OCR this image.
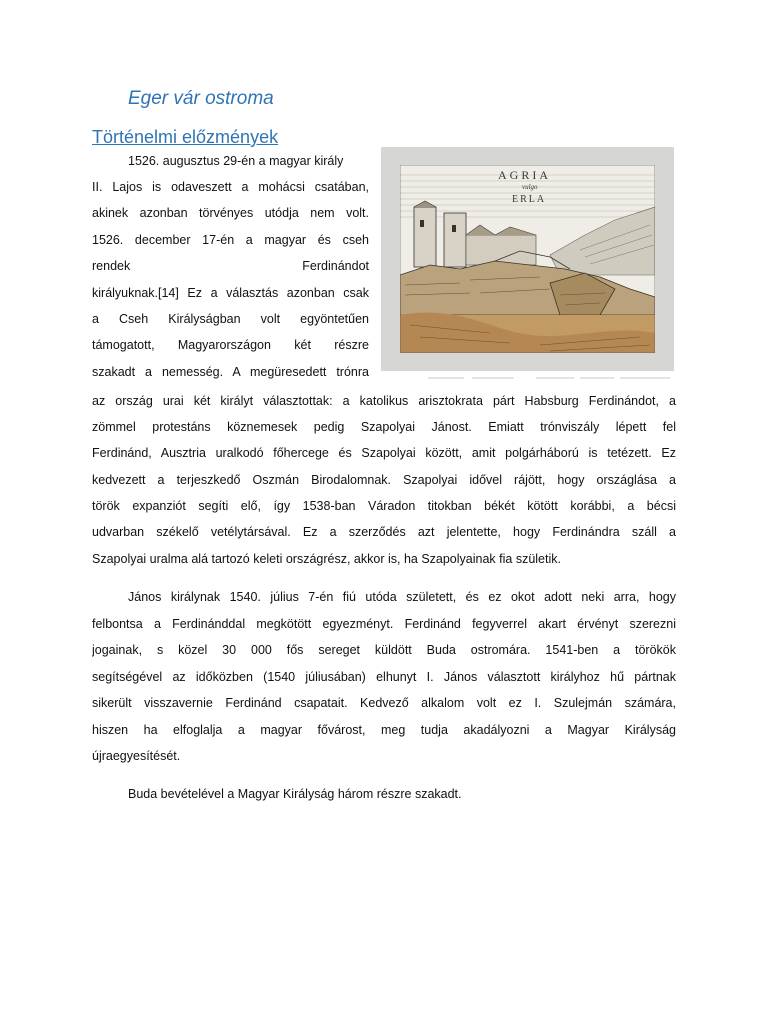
Eger vár ostroma
Történelmi előzmények
AGRIA
vulgo
ERLA
1526. augusztus 29-én a magyar király
II. Lajos is odaveszett a mohácsi csatában,
akinek azonban törvényes utódja nem volt.
1526. december 17-én a magyar és cseh
rendek Ferdinándot
királyuknak.[14] Ez a választás azonban csak
a Cseh Királyságban volt egyöntetűen
támogatott, Magyarországon két részre
szakadt a nemesség. A megüresedett trónra
az ország urai két királyt választottak: a katolikus arisztokrata párt Habsburg Ferdinándot, a
zömmel protestáns köznemesek pedig Szapolyai Jánost. Emiatt trónviszály lépett fel
Ferdinánd, Ausztria uralkodó főhercege és Szapolyai között, amit polgárháború is tetézett. Ez
kedvezett a terjeszkedő Oszmán Birodalomnak. Szapolyai idővel rájött, hogy országlása a
török expanziót segíti elő, így 1538-ban Váradon titokban békét kötött korábbi, a bécsi
udvarban székelő vetélytársával. Ez a szerződés azt jelentette, hogy Ferdinándra száll a
Szapolyai uralma alá tartozó keleti országrész, akkor is, ha Szapolyainak fia születik.
János királynak 1540. július 7-én fiú utóda született, és ez okot adott neki arra, hogy
felbontsa a Ferdinánddal megkötött egyezményt. Ferdinánd fegyverrel akart érvényt szerezni
jogainak, s közel 30 000 fős sereget küldött Buda ostromára. 1541-ben a törökök
segítségével az időközben (1540 júliusában) elhunyt I. János választott királyhoz hű pártnak
sikerült visszavernie Ferdinánd csapatait. Kedvező alkalom volt ez I. Szulejmán számára,
hiszen ha elfoglalja a magyar fővárost, meg tudja akadályozni a Magyar Királyság
újraegyesítését.

Buda bevételével a Magyar Királyság három részre szakadt.
